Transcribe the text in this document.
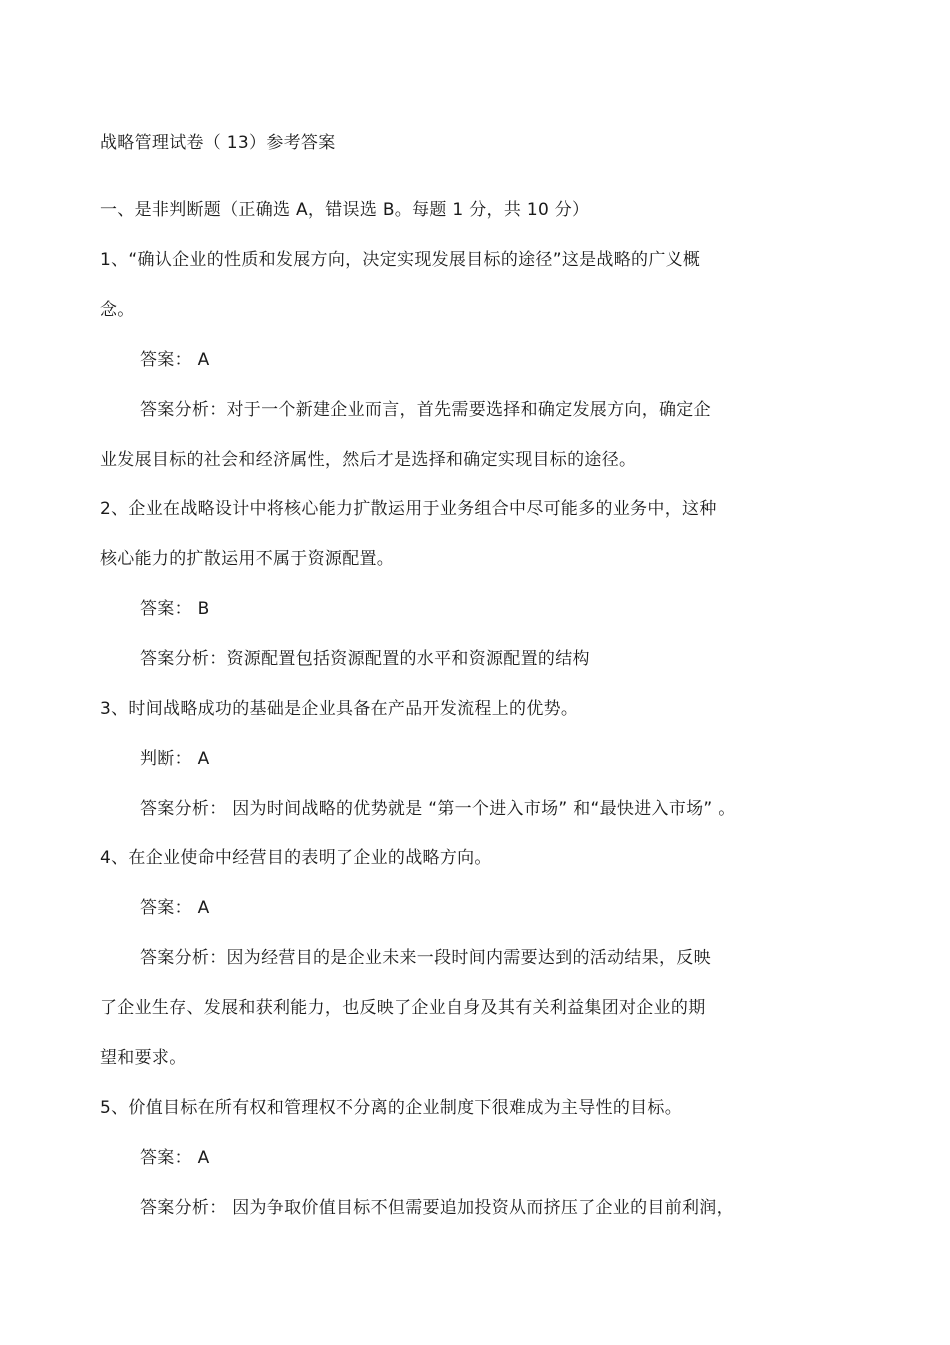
战略管理试卷（ 13）参考答案
一、是非判断题（正确选 A，错误选 B。每题 1 分，共 10 分）
1、“确认企业的性质和发展方向，决定实现发展目标的途径”这是战略的广义概
念。
答案： A
答案分析：对于一个新建企业而言，首先需要选择和确定发展方向，确定企
业发展目标的社会和经济属性，然后才是选择和确定实现目标的途径。
2、企业在战略设计中将核心能力扩散运用于业务组合中尽可能多的业务中，这种
核心能力的扩散运用不属于资源配置。
答案： B
答案分析：资源配置包括资源配置的水平和资源配置的结构
3、时间战略成功的基础是企业具备在产品开发流程上的优势。
判断： A
答案分析： 因为时间战略的优势就是 “第一个进入市场” 和“最快进入市场” 。
4、在企业使命中经营目的表明了企业的战略方向。
答案： A
答案分析：因为经营目的是企业未来一段时间内需要达到的活动结果，反映
了企业生存、发展和获利能力，也反映了企业自身及其有关利益集团对企业的期
望和要求。
5、价值目标在所有权和管理权不分离的企业制度下很难成为主导性的目标。
答案： A
答案分析： 因为争取价值目标不但需要追加投资从而挤压了企业的目前利润，
